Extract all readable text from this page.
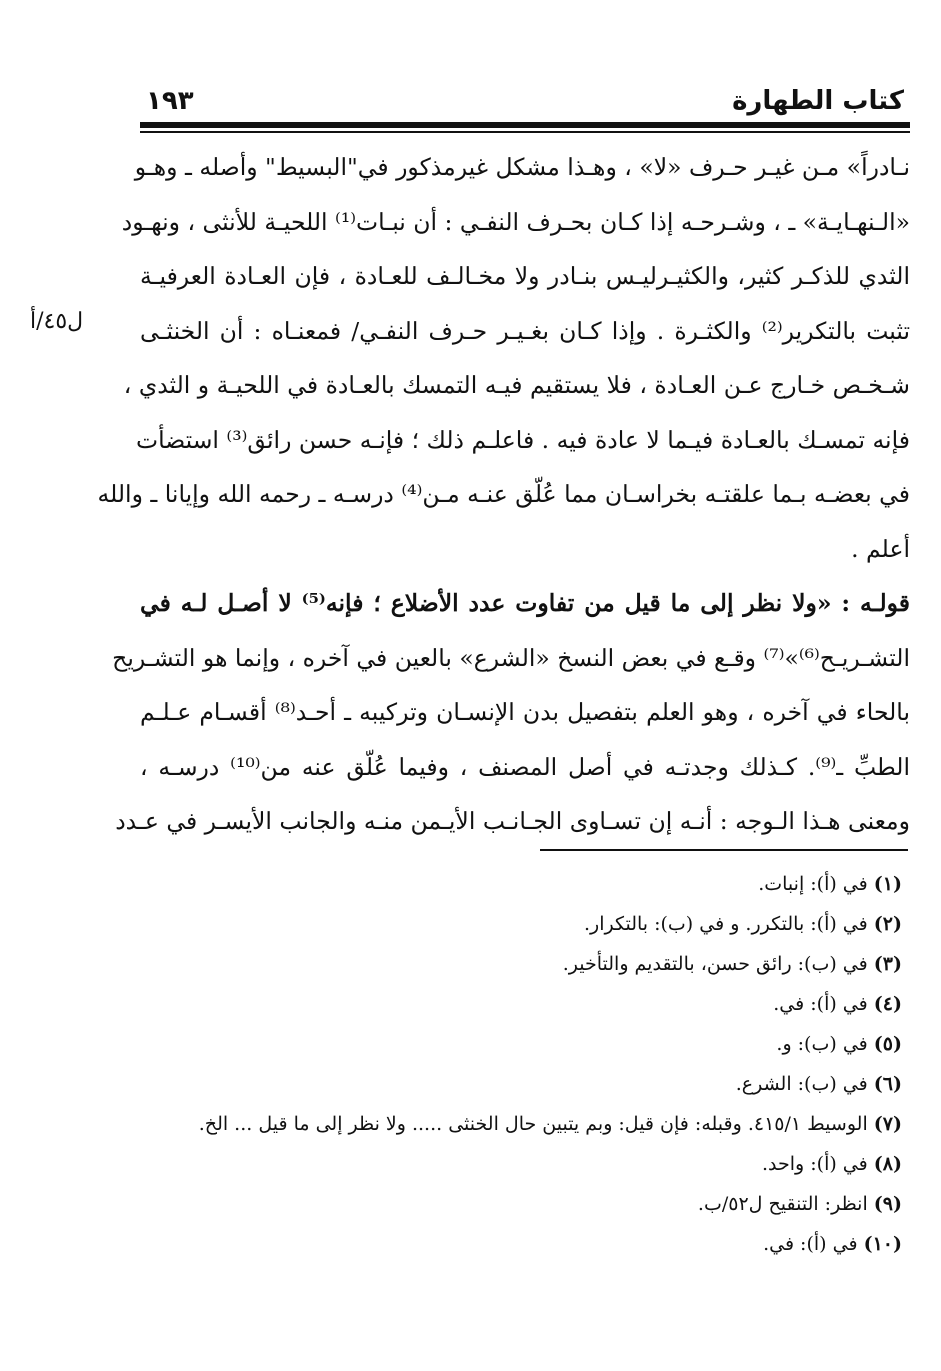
كتاب الطهارة
١٩٣
ل٤٥/أ
نـادراً» مـن غيـر حـرف «لا» ، وهـذا مشكل غيرمذكور في"البسيط" وأصله ـ وهـو
«الـنهـايـة» ـ ، وشـرحـه إذا كـان بحـرف النفـي : أن نبـات⁽¹⁾ اللحيـة للأنثى ، ونهـود
الثدي للذكـر كثير، والكثيـرليـس بنـادر ولا مخـالـف للعـادة ، فإن العـادة العرفيـة
تثبت بالتكرير⁽²⁾ والكثـرة . وإذا كـان بغـيـر حـرف النفـي/ فمعنـاه : أن الخنثـى
شـخـص خـارج عـن العـادة ، فلا يستقيم فيـه التمسك بالعـادة في اللحيـة و الثدي ،
فإنه تمسـك بالعـادة فيـما لا عادة فيه . فاعلـم ذلك ؛ فإنـه حسن رائق⁽³⁾ استضأت
في بعضـه بـما علقتـه بخراسـان مما عُلّق عنـه مـن⁽⁴⁾ درسـه ـ رحمه الله وإيانا ـ والله
أعلم .
قولـه : «ولا نظر إلى ما قيل من تفاوت عدد الأضلاع ؛ فإنه⁽⁵⁾ لا أصـل لـه في
التشـريـح⁽⁶⁾»⁽⁷⁾ وقـع في بعض النسخ «الشرع» بالعين في آخره ، وإنما هو التشـريح
بالحاء في آخره ، وهو العلم بتفصيل بدن الإنسـان وتركيبه ـ أحـد⁽⁸⁾ أقسـام عـلـم
الطبِّ ـ⁽⁹⁾. كـذلك وجدتـه في أصل المصنف ، وفيما عُلّق عنه من⁽¹⁰⁾ درسـه ،
ومعنى هـذا الـوجه : أنـه إن تسـاوى الجـانـب الأيـمن منـه والجانب الأيسـر في عـدد
(١) في (أ): إنبات.
(٢) في (أ): بالتكرر. و في (ب): بالتكرار.
(٣) في (ب): رائق حسن، بالتقديم والتأخير.
(٤) في (أ): في.
(٥) في (ب): و.
(٦) في (ب): الشرع.
(٧) الوسيط ٤١٥/١. وقبله: فإن قيل: وبم يتبين حال الخنثى ..... ولا نظر إلى ما قيل ... الخ.
(٨) في (أ): واحد.
(٩) انظر: التنقيح ل٥٢/ب.
(١٠) في (أ): في.
